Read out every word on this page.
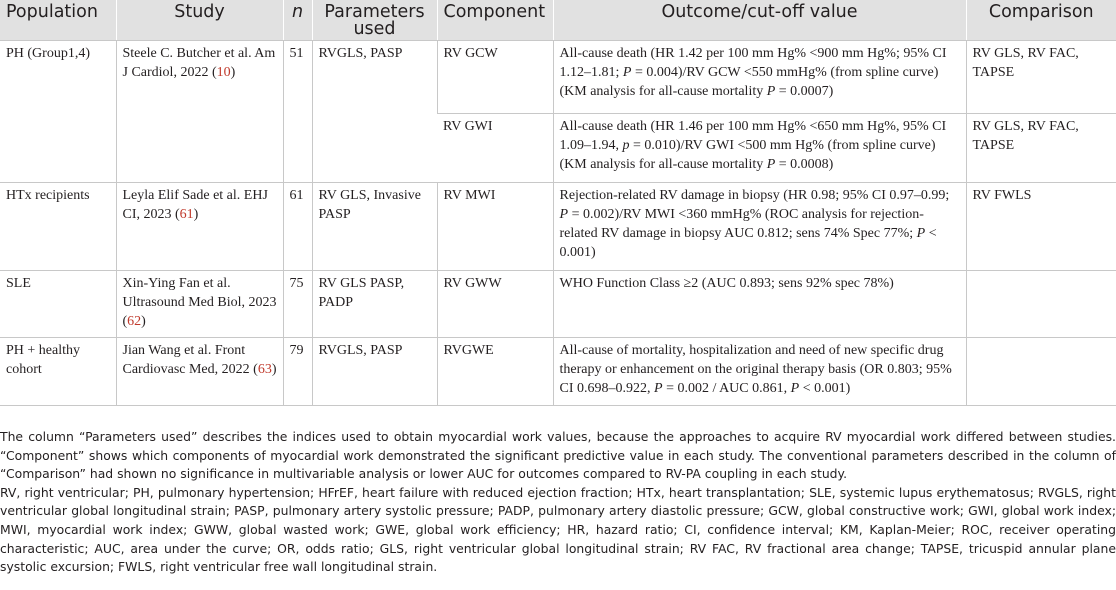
Population	Study	n	Parameters used	Component	Outcome/cut-off value	Comparison
PH (Group1,4)	Steele C. Butcher et al. Am J Cardiol, 2022 (10)	51	RVGLS, PASP	RV GCW	All-cause death (HR 1.42 per 100 mm Hg% <900 mm Hg%; 95% CI 1.12–1.81; P = 0.004)/RV GCW <550 mmHg% (from spline curve) (KM analysis for all-cause mortality P = 0.0007)	RV GLS, RV FAC, TAPSE
				RV GWI	All-cause death (HR 1.46 per 100 mm Hg% <650 mm Hg%, 95% CI 1.09–1.94, p = 0.010)/RV GWI <500 mm Hg% (from spline curve) (KM analysis for all-cause mortality P = 0.0008)	RV GLS, RV FAC, TAPSE
HTx recipients	Leyla Elif Sade et al. EHJ CI, 2023 (61)	61	RV GLS, Invasive PASP	RV MWI	Rejection-related RV damage in biopsy (HR 0.98; 95% CI 0.97–0.99; P = 0.002)/RV MWI <360 mmHg% (ROC analysis for rejection-related RV damage in biopsy AUC 0.812; sens 74% Spec 77%; P < 0.001)	RV FWLS
SLE	Xin-Ying Fan et al. Ultrasound Med Biol, 2023 (62)	75	RV GLS PASP, PADP	RV GWW	WHO Function Class ≥2 (AUC 0.893; sens 92% spec 78%)	
PH + healthy cohort	Jian Wang et al. Front Cardiovasc Med, 2022 (63)	79	RVGLS, PASP	RVGWE	All-cause of mortality, hospitalization and need of new specific drug therapy or enhancement on the original therapy basis (OR 0.803; 95% CI 0.698–0.922, P = 0.002 / AUC 0.861, P < 0.001)	

The column “Parameters used” describes the indices used to obtain myocardial work values, because the approaches to acquire RV myocardial work differed between studies. “Component” shows which components of myocardial work demonstrated the significant predictive value in each study. The conventional parameters described in the column of “Comparison” had shown no significance in multivariable analysis or lower AUC for outcomes compared to RV-PA coupling in each study.

RV, right ventricular; PH, pulmonary hypertension; HFrEF, heart failure with reduced ejection fraction; HTx, heart transplantation; SLE, systemic lupus erythematosus; RVGLS, right ventricular global longitudinal strain; PASP, pulmonary artery systolic pressure; PADP, pulmonary artery diastolic pressure; GCW, global constructive work; GWI, global work index; MWI, myocardial work index; GWW, global wasted work; GWE, global work efficiency; HR, hazard ratio; CI, confidence interval; KM, Kaplan-Meier; ROC, receiver operating characteristic; AUC, area under the curve; OR, odds ratio; GLS, right ventricular global longitudinal strain; RV FAC, RV fractional area change; TAPSE, tricuspid annular plane systolic excursion; FWLS, right ventricular free wall longitudinal strain.
